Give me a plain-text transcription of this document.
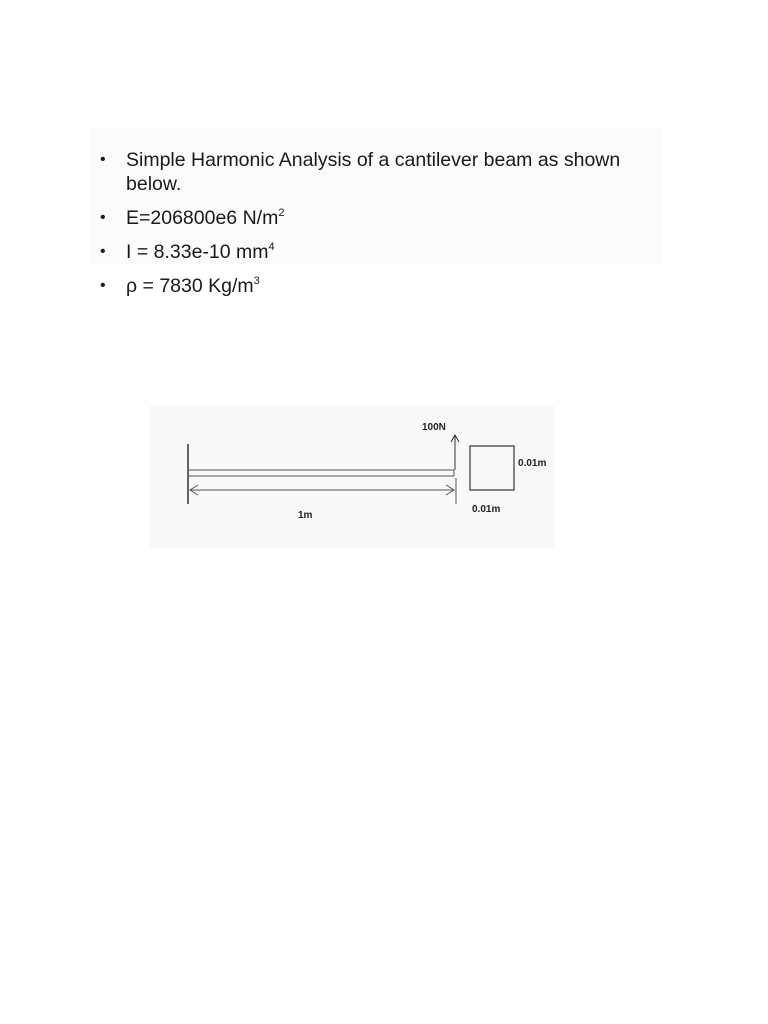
• Simple Harmonic Analysis of a cantilever beam as shown below.
• E=206800e6 $N/m^2$
• I = 8.33e-10 $mm^4$
• ρ = 7830 $Kg/m^3$
100N
1m
0.01m
0.01m
